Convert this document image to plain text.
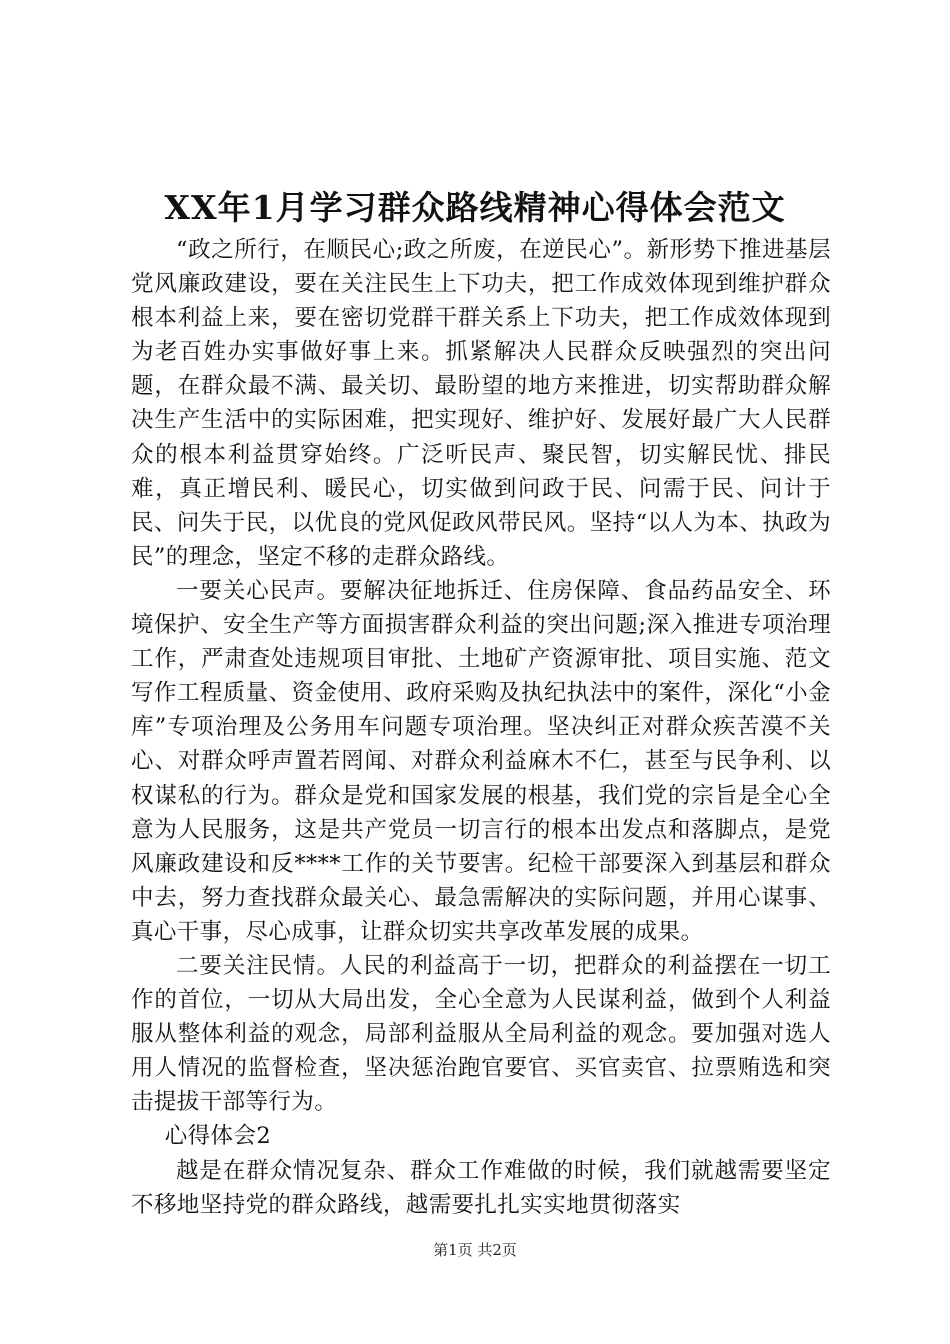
XX年1月学习群众路线精神心得体会范文

“政之所行，在顺民心;政之所废，在逆民心”。新形势下推进基层党风廉政建设，要在关注民生上下功夫，把工作成效体现到维护群众根本利益上来，要在密切党群干群关系上下功夫，把工作成效体现到为老百姓办实事做好事上来。抓紧解决人民群众反映强烈的突出问题，在群众最不满、最关切、最盼望的地方来推进，切实帮助群众解决生产生活中的实际困难，把实现好、维护好、发展好最广大人民群众的根本利益贯穿始终。广泛听民声、聚民智，切实解民忧、排民难，真正增民利、暖民心，切实做到问政于民、问需于民、问计于民、问失于民，以优良的党风促政风带民风。坚持“以人为本、执政为民”的理念，坚定不移的走群众路线。

一要关心民声。要解决征地拆迁、住房保障、食品药品安全、环境保护、安全生产等方面损害群众利益的突出问题;深入推进专项治理工作，严肃查处违规项目审批、土地矿产资源审批、项目实施、范文写作工程质量、资金使用、政府采购及执纪执法中的案件，深化“小金库”专项治理及公务用车问题专项治理。坚决纠正对群众疾苦漠不关心、对群众呼声置若罔闻、对群众利益麻木不仁，甚至与民争利、以权谋私的行为。群众是党和国家发展的根基，我们党的宗旨是全心全意为人民服务，这是共产党员一切言行的根本出发点和落脚点，是党风廉政建设和反****工作的关节要害。纪检干部要深入到基层和群众中去，努力查找群众最关心、最急需解决的实际问题，并用心谋事、真心干事，尽心成事，让群众切实共享改革发展的成果。

二要关注民情。人民的利益高于一切，把群众的利益摆在一切工作的首位，一切从大局出发，全心全意为人民谋利益，做到个人利益服从整体利益的观念，局部利益服从全局利益的观念。要加强对选人用人情况的监督检查，坚决惩治跑官要官、买官卖官、拉票贿选和突击提拔干部等行为。

心得体会2

越是在群众情况复杂、群众工作难做的时候，我们就越需要坚定不移地坚持党的群众路线，越需要扎扎实实地贯彻落实

第1页 共2页
